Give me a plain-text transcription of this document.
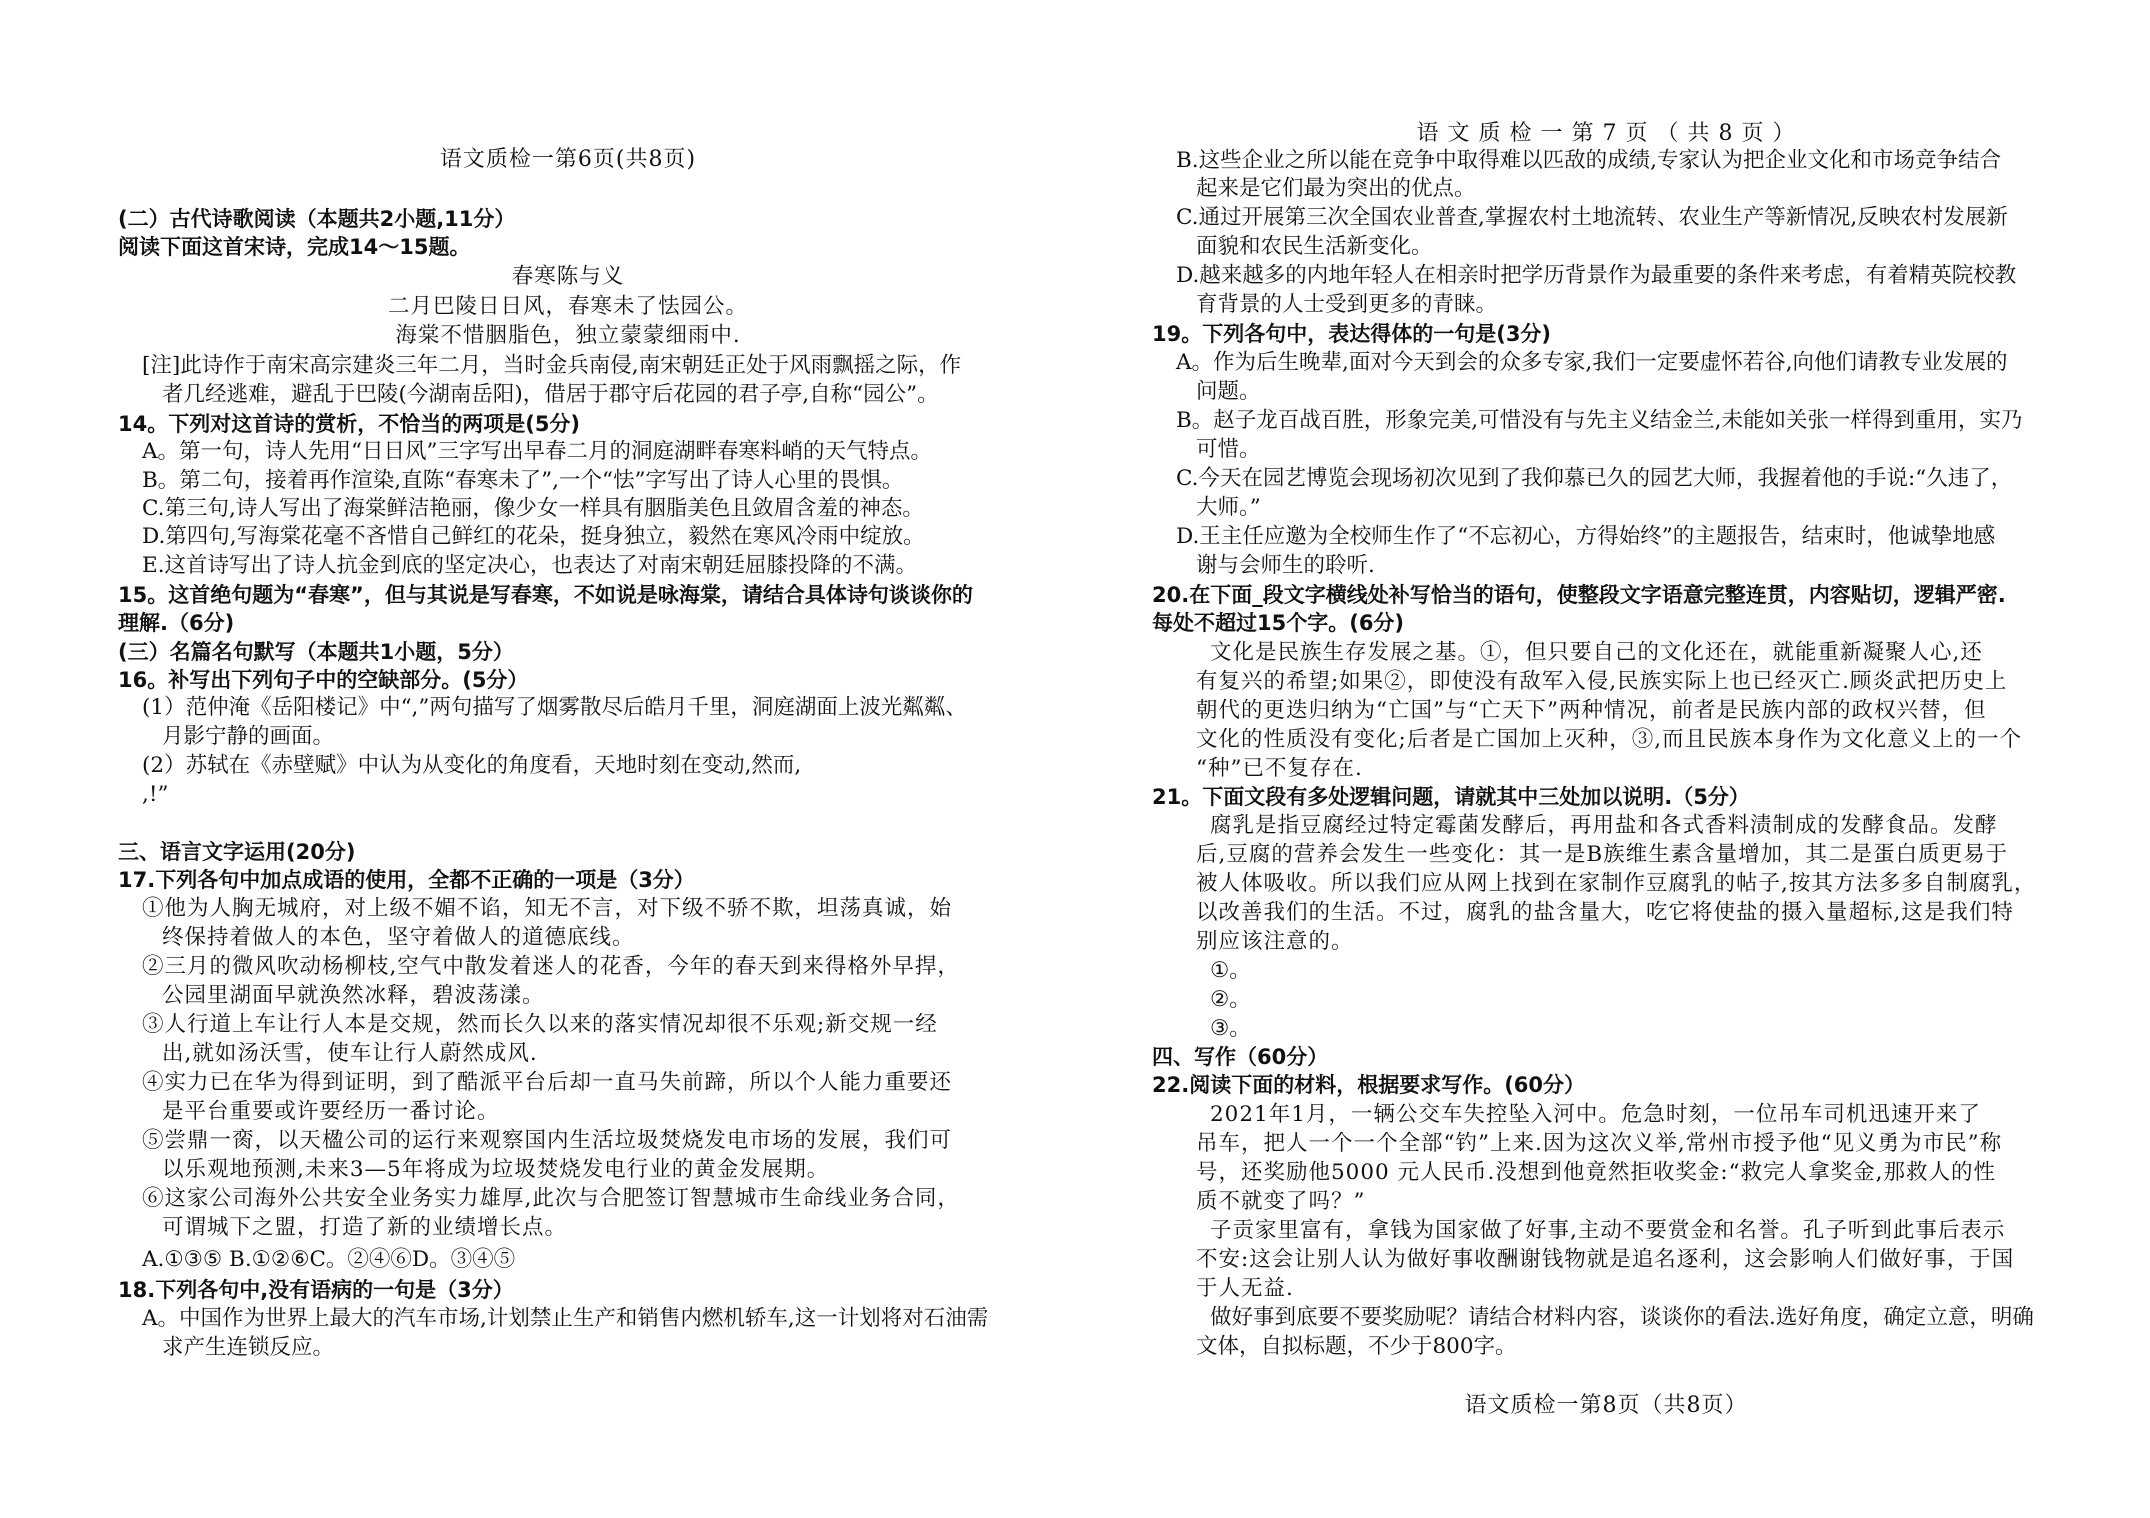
语文质检一第6页(共8页)
(二）古代诗歌阅读（本题共2小题,11分）
阅读下面这首宋诗，完成14～15题。
春寒陈与义
二月巴陵日日风，春寒未了怯园公。
海棠不惜胭脂色，独立蒙蒙细雨中.
[注]此诗作于南宋高宗建炎三年二月，当时金兵南侵,南宋朝廷正处于风雨飘摇之际，作
者几经逃难，避乱于巴陵(今湖南岳阳)，借居于郡守后花园的君子亭,自称“园公”。
14。下列对这首诗的赏析，不恰当的两项是(5分)
A。第一句，诗人先用“日日风”三字写出早春二月的洞庭湖畔春寒料峭的天气特点。
B。第二句，接着再作渲染,直陈“春寒未了”,一个“怯”字写出了诗人心里的畏惧。
C.第三句,诗人写出了海棠鲜洁艳丽，像少女一样具有胭脂美色且敛眉含羞的神态。
D.第四句,写海棠花毫不吝惜自己鲜红的花朵，挺身独立，毅然在寒风冷雨中绽放。
E.这首诗写出了诗人抗金到底的坚定决心，也表达了对南宋朝廷屈膝投降的不满。
15。这首绝句题为“春寒”，但与其说是写春寒，不如说是咏海棠，请结合具体诗句谈谈你的
理解.（6分)
(三）名篇名句默写（本题共1小题，5分）
16。补写出下列句子中的空缺部分。(5分）
(1）范仲淹《岳阳楼记》中“,”两句描写了烟雾散尽后皓月千里，洞庭湖面上波光粼粼、
月影宁静的画面。
(2）苏轼在《赤壁赋》中认为从变化的角度看，天地时刻在变动,然而,
,!”
三、语言文字运用(20分)
17.下列各句中加点成语的使用，全都不正确的一项是（3分）
①他为人胸无城府，对上级不媚不谄，知无不言，对下级不骄不欺，坦荡真诚，始
终保持着做人的本色，坚守着做人的道德底线。
②三月的微风吹动杨柳枝,空气中散发着迷人的花香，今年的春天到来得格外早捍，
公园里湖面早就涣然冰释，碧波荡漾。
③人行道上车让行人本是交规，然而长久以来的落实情况却很不乐观;新交规一经
出,就如汤沃雪，使车让行人蔚然成风.
④实力已在华为得到证明，到了酷派平台后却一直马失前蹄，所以个人能力重要还
是平台重要或许要经历一番讨论。
⑤尝鼎一脔，以天楹公司的运行来观察国内生活垃圾焚烧发电市场的发展，我们可
以乐观地预测,未来3—5年将成为垃圾焚烧发电行业的黄金发展期。
⑥这家公司海外公共安全业务实力雄厚,此次与合肥签订智慧城市生命线业务合同，
可谓城下之盟，打造了新的业绩增长点。
A.①③⑤ B.①②⑥C。②④⑥D。③④⑤
18.下列各句中,没有语病的一句是（3分）
A。中国作为世界上最大的汽车市场,计划禁止生产和销售内燃机轿车,这一计划将对石油需
求产生连锁反应。
语 文 质 检 一 第 7 页 （ 共 8 页 ）
B.这些企业之所以能在竞争中取得难以匹敌的成绩,专家认为把企业文化和市场竞争结合
起来是它们最为突出的优点。
C.通过开展第三次全国农业普查,掌握农村土地流转、农业生产等新情况,反映农村发展新
面貌和农民生活新变化。
D.越来越多的内地年轻人在相亲时把学历背景作为最重要的条件来考虑，有着精英院校教
育背景的人士受到更多的青睐。
19。下列各句中，表达得体的一句是(3分)
A。作为后生晚辈,面对今天到会的众多专家,我们一定要虚怀若谷,向他们请教专业发展的
问题。
B。赵子龙百战百胜，形象完美,可惜没有与先主义结金兰,未能如关张一样得到重用，实乃
可惜。
C.今天在园艺博览会现场初次见到了我仰慕已久的园艺大师，我握着他的手说:“久违了，
大师。”
D.王主任应邀为全校师生作了“不忘初心，方得始终”的主题报告，结束时，他诚挚地感
谢与会师生的聆听.
20.在下面_段文字横线处补写恰当的语句，使整段文字语意完整连贯，内容贴切，逻辑严密.
每处不超过15个字。(6分)
文化是民族生存发展之基。①，但只要自己的文化还在，就能重新凝聚人心,还
有复兴的希望;如果②，即使没有敌军入侵,民族实际上也已经灭亡.顾炎武把历史上
朝代的更迭归纳为“亡国”与“亡天下”两种情况，前者是民族内部的政权兴替，但
文化的性质没有变化;后者是亡国加上灭种，③,而且民族本身作为文化意义上的一个
“种”已不复存在.
21。下面文段有多处逻辑问题，请就其中三处加以说明.（5分）
腐乳是指豆腐经过特定霉菌发酵后，再用盐和各式香料渍制成的发酵食品。发酵
后,豆腐的营养会发生一些变化：其一是B族维生素含量增加，其二是蛋白质更易于
被人体吸收。所以我们应从网上找到在家制作豆腐乳的帖子,按其方法多多自制腐乳，
以改善我们的生活。不过，腐乳的盐含量大，吃它将使盐的摄入量超标,这是我们特
别应该注意的。
①。
②。
③。
四、写作（60分）
22.阅读下面的材料，根据要求写作。(60分）
2021年1月，一辆公交车失控坠入河中。危急时刻，一位吊车司机迅速开来了
吊车，把人一个一个全部“钓”上来.因为这次义举,常州市授予他“见义勇为市民”称
号，还奖励他5000 元人民币.没想到他竟然拒收奖金:“救完人拿奖金,那救人的性
质不就变了吗？”
子贡家里富有，拿钱为国家做了好事,主动不要赏金和名誉。孔子听到此事后表示
不安:这会让别人认为做好事收酬谢钱物就是追名逐利，这会影响人们做好事，于国
于人无益.
做好事到底要不要奖励呢？请结合材料内容，谈谈你的看法.选好角度，确定立意，明确
文体，自拟标题，不少于800字。
语文质检一第8页（共8页）
